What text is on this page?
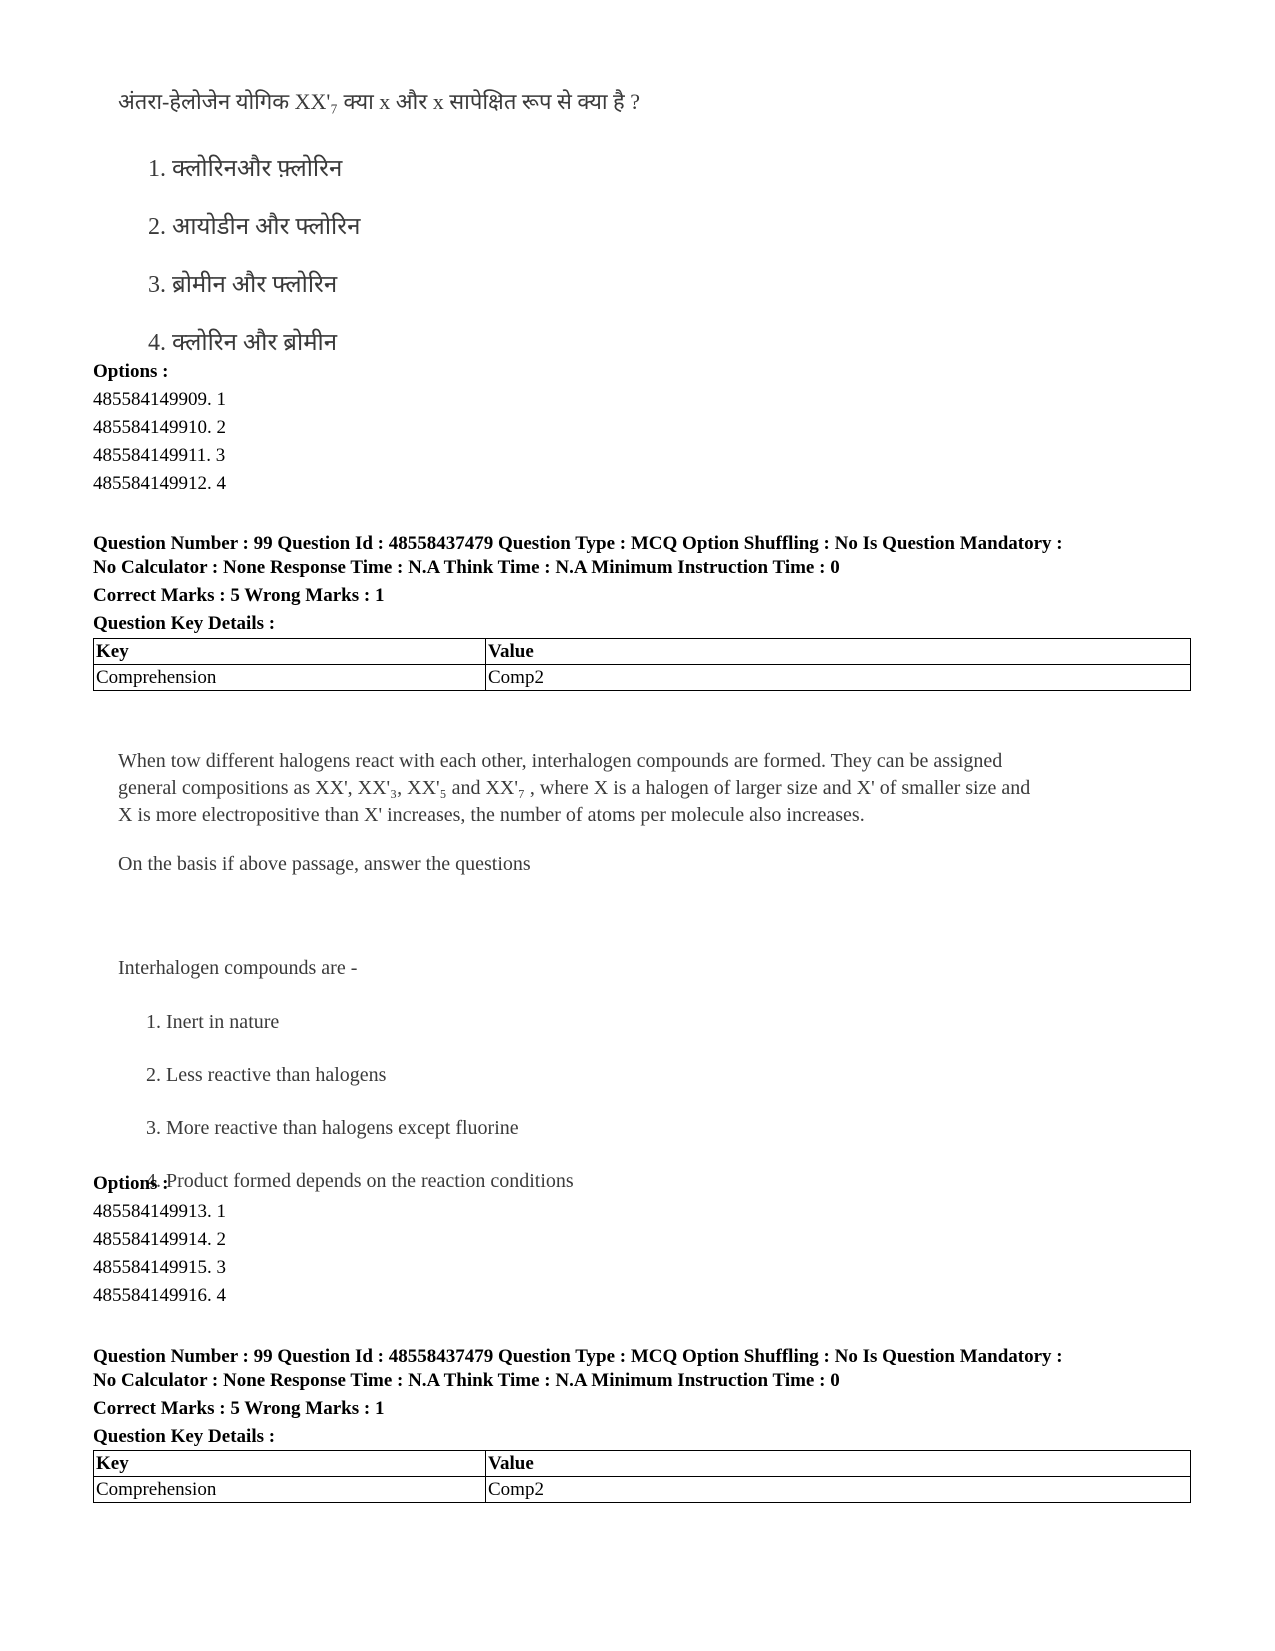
अंतरा-हेलोजेन योगिक XX'₇ क्या x और x सापेक्षित रूप से क्या है ?
1. क्लोरिनऔर फ़्लोरिन
2. आयोडीन और फ्लोरिन
3. ब्रोमीन और फ्लोरिन
4. क्लोरिन और ब्रोमीन
Options :
485584149909. 1
485584149910. 2
485584149911. 3
485584149912. 4

Question Number : 99 Question Id : 48558437479 Question Type : MCQ Option Shuffling : No Is Question Mandatory :

No Calculator : None Response Time : N.A Think Time : N.A Minimum Instruction Time : 0

Correct Marks : 5 Wrong Marks : 1

Question Key Details :

Key	Value
Comprehension	Comp2

When tow different halogens react with each other, interhalogen compounds are formed. They can be assigned

general compositions as XX', XX'₃, XX'₅ and XX'₇ , where X is a halogen of larger size and X' of smaller size and

X is more electropositive than X' increases, the number of atoms per molecule also increases.

On the basis if above passage, answer the questions

Interhalogen compounds are -
1. Inert in nature
2. Less reactive than halogens
3. More reactive than halogens except fluorine
4. Product formed depends on the reaction conditions
Options :
485584149913. 1
485584149914. 2
485584149915. 3
485584149916. 4

Question Number : 99 Question Id : 48558437479 Question Type : MCQ Option Shuffling : No Is Question Mandatory :

No Calculator : None Response Time : N.A Think Time : N.A Minimum Instruction Time : 0

Correct Marks : 5 Wrong Marks : 1

Question Key Details :

Key	Value
Comprehension	Comp2
